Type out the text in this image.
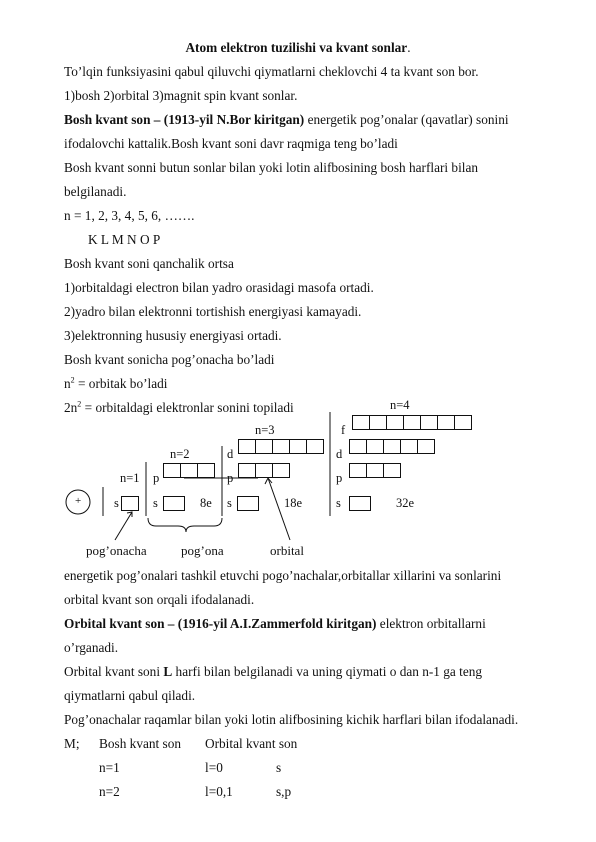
Atom elektron tuzilishi va kvant sonlar.
To’lqin funksiyasini qabul qiluvchi qiymatlarni cheklovchi 4 ta kvant son bor.
1)bosh 2)orbital 3)magnit spin kvant sonlar.
Bosh kvant son – (1913-yil N.Bor kiritgan) energetik pog’onalar (qavatlar) sonini
ifodalovchi kattalik.Bosh kvant soni davr raqmiga teng bo’ladi
Bosh kvant sonni butun sonlar bilan yoki lotin alifbosining bosh harflari bilan
belgilanadi.
n = 1, 2, 3, 4, 5, 6, …….
K L M N O P
Bosh kvant soni qanchalik ortsa
1)orbitaldagi electron bilan yadro orasidagi masofa ortadi.
2)yadro bilan elektronni tortishish energiyasi kamayadi.
3)elektronning hususiy energiyasi ortadi.
Bosh kvant sonicha pog’onacha bo’ladi
$n^2$ = orbitak bo’ladi
$2n^2$ = orbitaldagi elektronlar sonini topiladi	n=4
n=3
n=2
n=1
+	s
p
s	8e
d
p
s	18e
f
d
p
s	32e
pog’onacha	pog’ona	orbital
energetik pog’onalari tashkil etuvchi pogo’nachalar,orbitallar xillarini va sonlarini
orbital kvant son orqali ifodalanadi.
Orbital kvant son – (1916-yil A.I.Zammerfold kiritgan) elektron orbitallarni
o’rganadi.
Orbital kvant soni L harfi bilan belgilanadi va uning qiymati o dan n-1 ga teng
qiymatlarni qabul qiladi.
Pog’onachalar raqamlar bilan yoki lotin alifbosining kichik harflari bilan ifodalanadi.
M; Bosh kvant son Orbital kvant son
n=1	l=0	s
n=2	l=0,1	s,p
